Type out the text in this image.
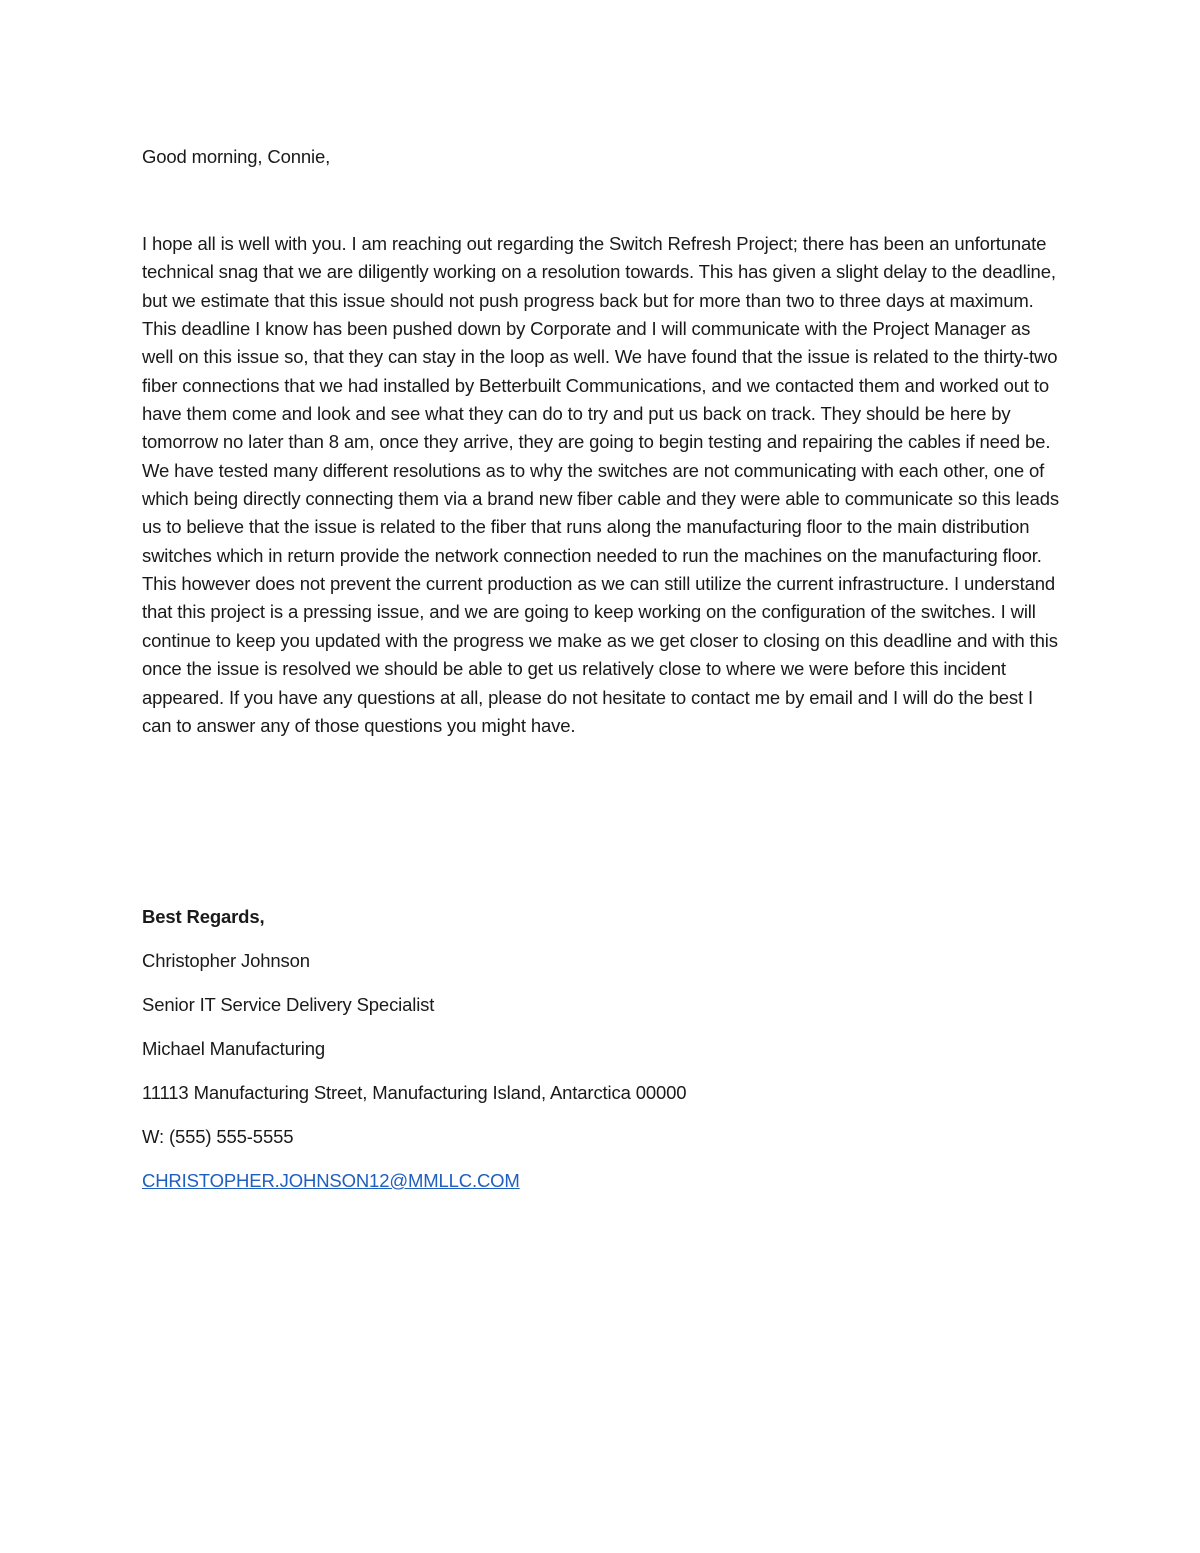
Good morning, Connie,
I hope all is well with you. I am reaching out regarding the Switch Refresh Project; there has been an unfortunate technical snag that we are diligently working on a resolution towards. This has given a slight delay to the deadline, but we estimate that this issue should not push progress back but for more than two to three days at maximum. This deadline I know has been pushed down by Corporate and I will communicate with the Project Manager as well on this issue so, that they can stay in the loop as well. We have found that the issue is related to the thirty-two fiber connections that we had installed by Betterbuilt Communications, and we contacted them and worked out to have them come and look and see what they can do to try and put us back on track. They should be here by tomorrow no later than 8 am, once they arrive, they are going to begin testing and repairing the cables if need be. We have tested many different resolutions as to why the switches are not communicating with each other, one of which being directly connecting them via a brand new fiber cable and they were able to communicate so this leads us to believe that the issue is related to the fiber that runs along the manufacturing floor to the main distribution switches which in return provide the network connection needed to run the machines on the manufacturing floor. This however does not prevent the current production as we can still utilize the current infrastructure. I understand that this project is a pressing issue, and we are going to keep working on the configuration of the switches. I will continue to keep you updated with the progress we make as we get closer to closing on this deadline and with this once the issue is resolved we should be able to get us relatively close to where we were before this incident appeared. If you have any questions at all, please do not hesitate to contact me by email and I will do the best I can to answer any of those questions you might have.
Best Regards,
Christopher Johnson
Senior IT Service Delivery Specialist
Michael Manufacturing
11113 Manufacturing Street, Manufacturing Island, Antarctica 00000
W: (555) 555-5555
CHRISTOPHER.JOHNSON12@MMLLC.COM
